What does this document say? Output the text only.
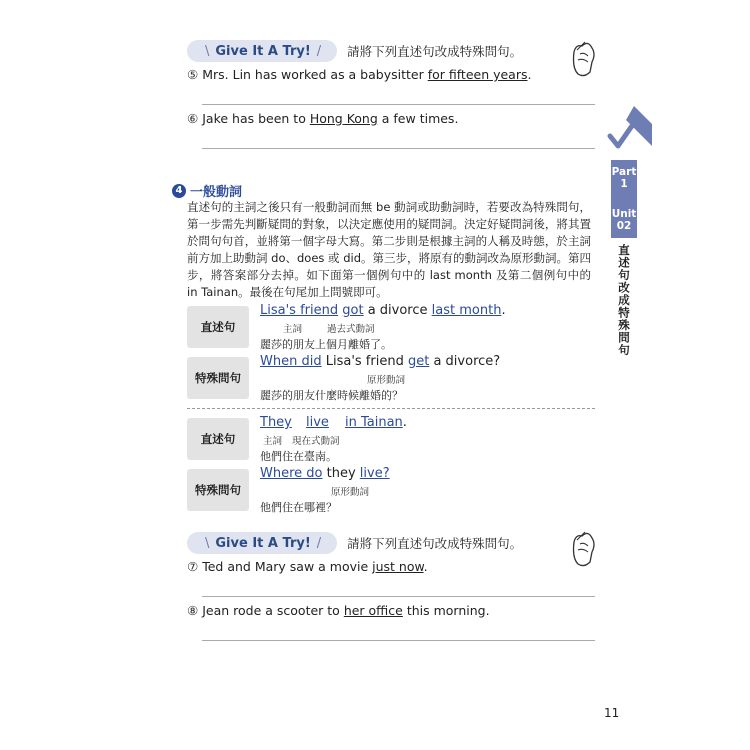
\ Give It A Try! / 請將下列直述句改成特殊問句。
⑤ Mrs. Lin has worked as a babysitter for fifteen years.
⑥ Jake has been to Hong Kong a few times.
Part
1
Unit
02
直述句改成特殊問句
4 一般動詞
直述句的主詞之後只有一般動詞而無 be 動詞或助動詞時，若要改為特殊問句，第一步需先判斷疑問的對象，以決定應使用的疑問詞。決定好疑問詞後，將其置於問句句首，並將第一個字母大寫。第二步則是根據主詞的人稱及時態，於主詞前方加上助動詞 do、does 或 did。第三步，將原有的動詞改為原形動詞。第四步，將答案部分去掉。如下面第一個例句中的 last month 及第二個例句中的 in Tainan。最後在句尾加上問號即可。
直述句
Lisa's friend got a divorce last month.
主詞	過去式動詞
麗莎的朋友上個月離婚了。
特殊問句
When did Lisa's friend get a divorce?
原形動詞
麗莎的朋友什麼時候離婚的？
直述句
They live in Tainan.
主詞 現在式動詞
他們住在臺南。
特殊問句
Where do they live?
原形動詞
他們住在哪裡？
\ Give It A Try! / 請將下列直述句改成特殊問句。
⑦ Ted and Mary saw a movie just now.
⑧ Jean rode a scooter to her office this morning.
11
